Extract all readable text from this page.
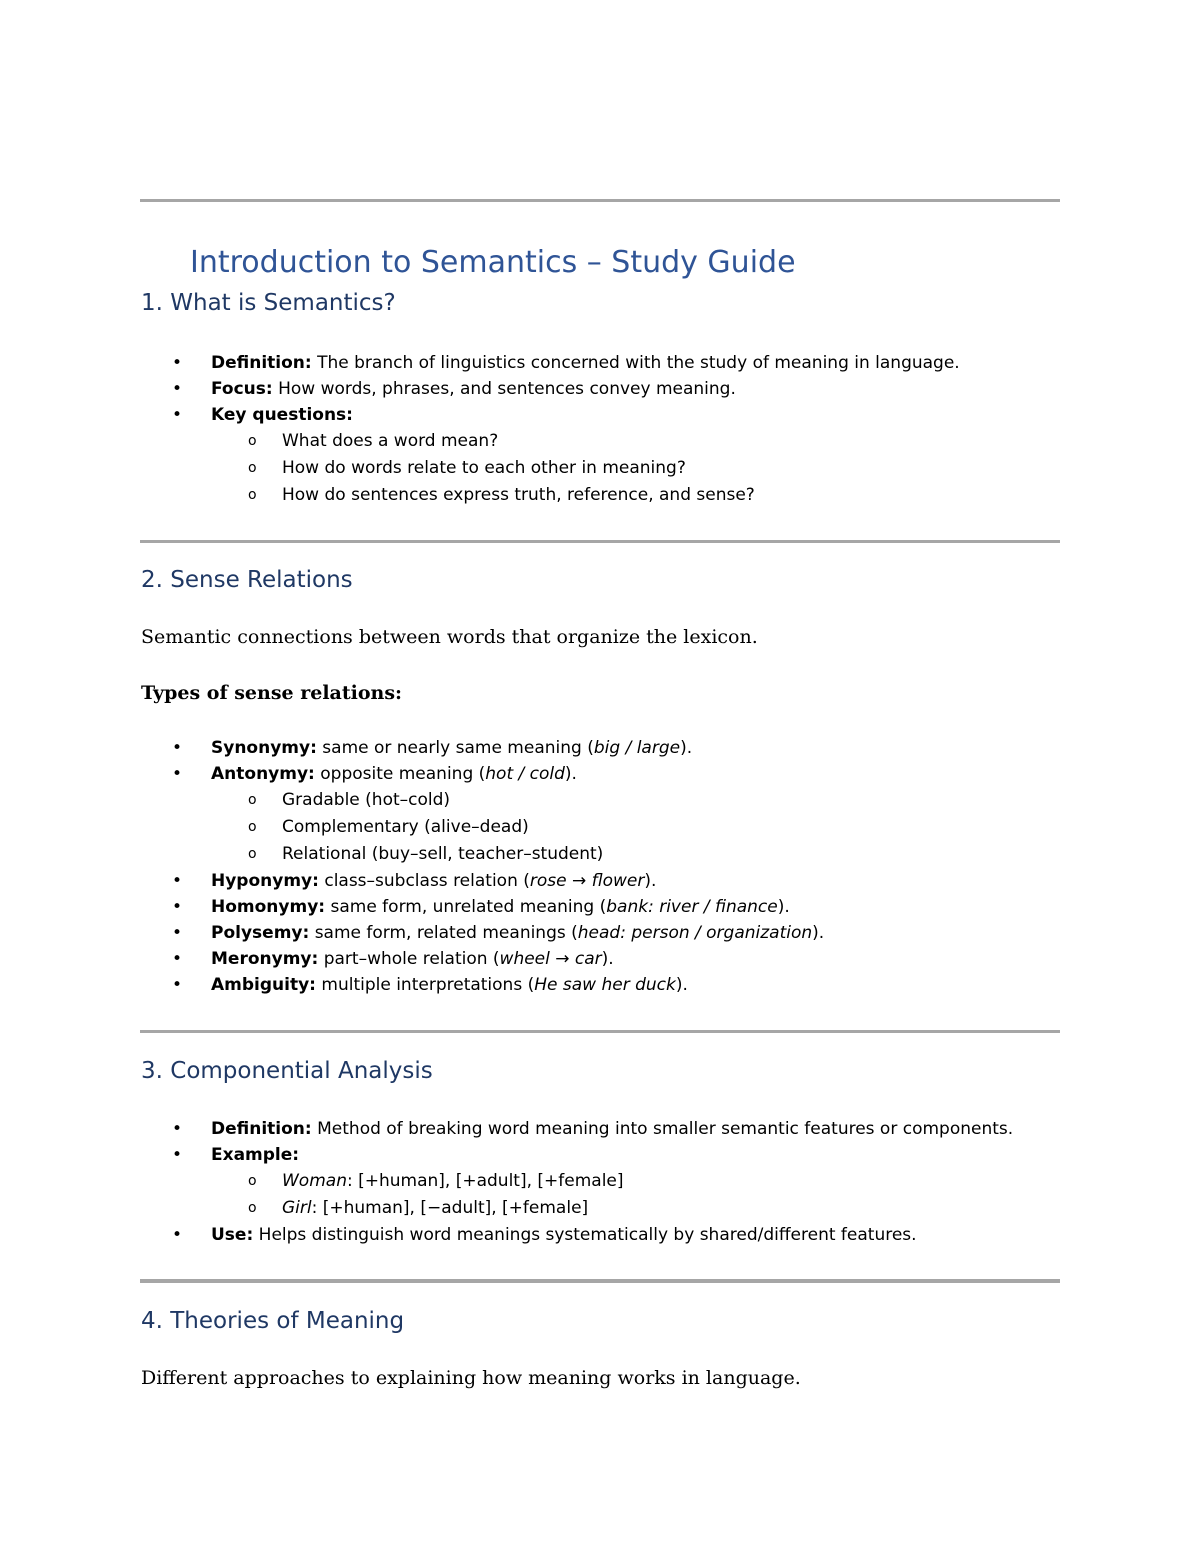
Introduction to Semantics – Study Guide
1. What is Semantics?
• Definition: The branch of linguistics concerned with the study of meaning in language.
• Focus: How words, phrases, and sentences convey meaning.
• Key questions:
o What does a word mean?
o How do words relate to each other in meaning?
o How do sentences express truth, reference, and sense?
2. Sense Relations

Semantic connections between words that organize the lexicon.

Types of sense relations:

• Synonymy: same or nearly same meaning (big / large).
• Antonymy: opposite meaning (hot / cold).
o Gradable (hot–cold)
o Complementary (alive–dead)
o Relational (buy–sell, teacher–student)
• Hyponymy: class–subclass relation (rose → flower).
• Homonymy: same form, unrelated meaning (bank: river / finance).
• Polysemy: same form, related meanings (head: person / organization).
• Meronymy: part–whole relation (wheel → car).
• Ambiguity: multiple interpretations (He saw her duck).
3. Componential Analysis
• Definition: Method of breaking word meaning into smaller semantic features or components.
• Example:
o Woman: [+human], [+adult], [+female]
o Girl: [+human], [−adult], [+female]
• Use: Helps distinguish word meanings systematically by shared/different features.
4. Theories of Meaning

Different approaches to explaining how meaning works in language.
